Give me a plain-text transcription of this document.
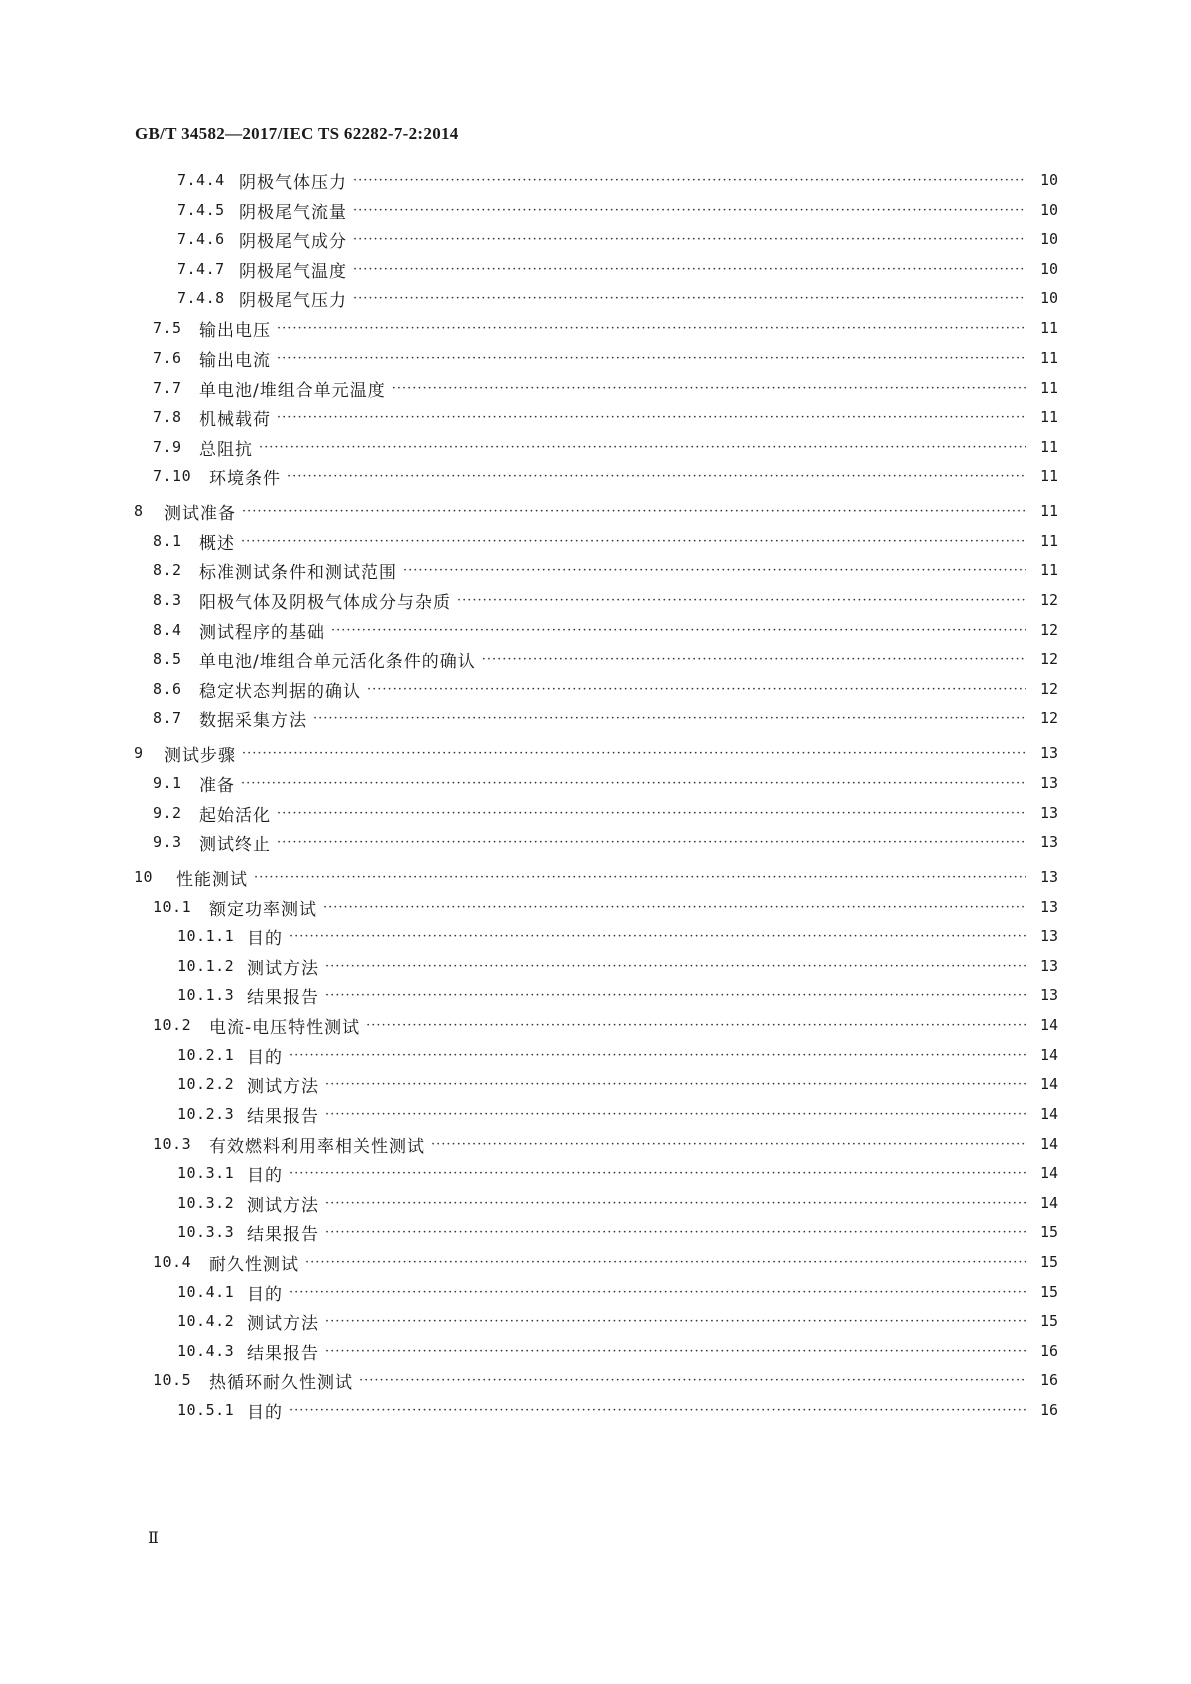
GB/T 34582—2017/IEC TS 62282-7-2:2014
7.4.4 阴极气体压力 ·····	10
7.4.5 阴极尾气流量 ·····	10
7.4.6 阴极尾气成分 ·····	10
7.4.7 阴极尾气温度 ·····	10
7.4.8 阴极尾气压力 ·····	10
7.5	输出电压 ·····	11
7.6	输出电流 ·····	11
7.7	单电池/堆组合单元温度 ·····	11
7.8	机械载荷 ·····	11
7.9	总阻抗 ·····	11
7.10	环境条件 ·····	11
8	测试准备 ·····	11
8.1	概述 ·····	11
8.2	标准测试条件和测试范围 ·····	11
8.3	阳极气体及阴极气体成分与杂质 ·····	12
8.4	测试程序的基础 ·····	12
8.5	单电池/堆组合单元活化条件的确认 ·····	12
8.6	稳定状态判据的确认 ·····	12
8.7	数据采集方法 ·····	12
9	测试步骤 ·····	13
9.1	准备 ·····	13
9.2	起始活化 ·····	13
9.3	测试终止 ·····	13
10	性能测试 ·····	13
10.1	额定功率测试 ·····	13
10.1.1 目的 ·····	13
10.1.2 测试方法 ·····	13
10.1.3 结果报告 ·····	13
10.2	电流-电压特性测试 ·····	14
10.2.1 目的 ·····	14
10.2.2 测试方法 ·····	14
10.2.3 结果报告 ·····	14
10.3	有效燃料利用率相关性测试 ·····	14
10.3.1 目的 ·····	14
10.3.2 测试方法 ·····	14
10.3.3 结果报告 ·····	15
10.4	耐久性测试 ·····	15
10.4.1 目的 ·····	15
10.4.2 测试方法 ·····	15
10.4.3 结果报告 ·····	16
10.5	热循环耐久性测试 ·····	16
10.5.1 目的 ·····	16
Ⅱ
